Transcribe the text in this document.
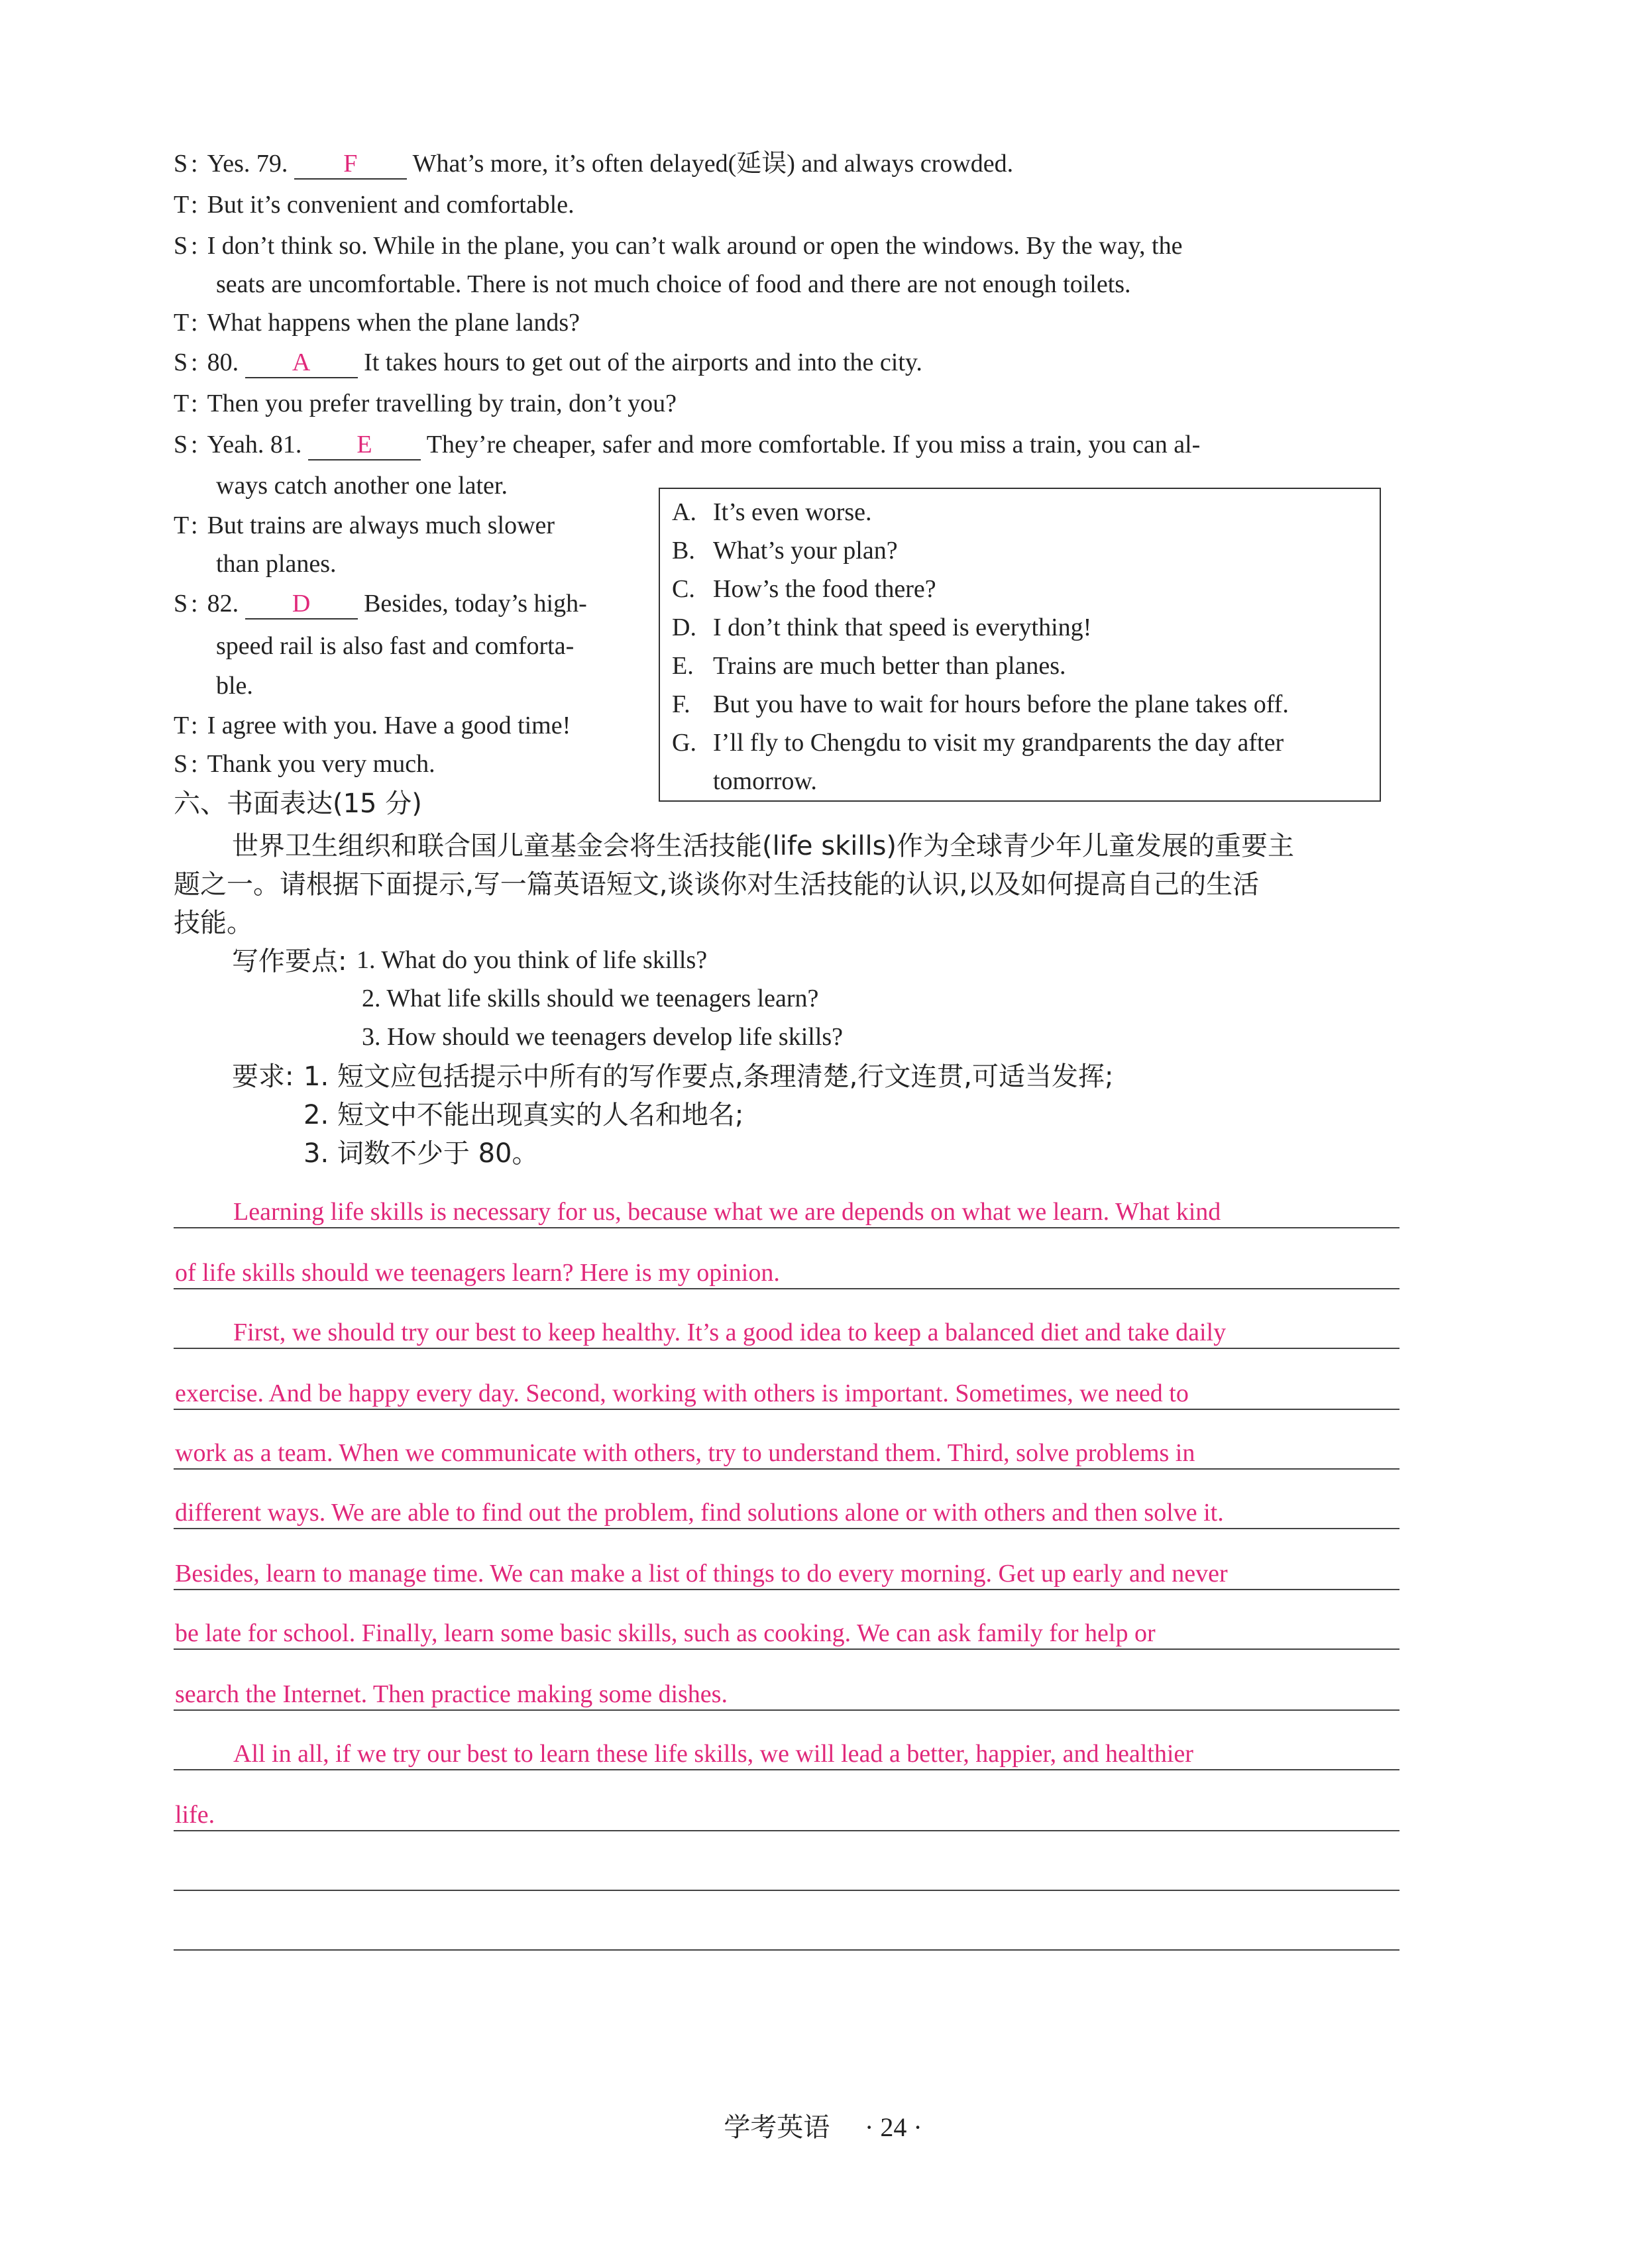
S : Yes. 79. F What’s more, it’s often delayed(延误) and always crowded.
T: But it’s convenient and comfortable.
S : I don’t think so. While in the plane, you can’t walk around or open the windows. By the way, the
seats are uncomfortable. There is not much choice of food and there are not enough toilets.
T: What happens when the plane lands?
S : 80. A It takes hours to get out of the airports and into the city.
T: Then you prefer travelling by train, don’t you?
S : Yeah. 81. E They’re cheaper, safer and more comfortable. If you miss a train, you can al-
ways catch another one later.
T: But trains are always much slower
than planes.
S : 82. D Besides, today’s high-
speed rail is also fast and comforta-
ble.
T: I agree with you. Have a good time!
S : Thank you very much.
A. It’s even worse.
B. What’s your plan?
C. How’s the food there?
D. I don’t think that speed is everything!
E. Trains are much better than planes.
F. But you have to wait for hours before the plane takes off.
G. I’ll fly to Chengdu to visit my grandparents the day after
tomorrow.
六、书面表达(15 分)
世界卫生组织和联合国儿童基金会将生活技能(life skills)作为全球青少年儿童发展的重要主
题之一。请根据下面提示,写一篇英语短文,谈谈你对生活技能的认识,以及如何提高自己的生活
技能。
写作要点: 1. What do you think of life skills?
2. What life skills should we teenagers learn?
3. How should we teenagers develop life skills?
要求: 1. 短文应包括提示中所有的写作要点,条理清楚,行文连贯,可适当发挥;
2. 短文中不能出现真实的人名和地名;
3. 词数不少于 80。
Learning life skills is necessary for us, because what we are depends on what we learn. What kind
of life skills should we teenagers learn? Here is my opinion.
First, we should try our best to keep healthy. It’s a good idea to keep a balanced diet and take daily
exercise. And be happy every day. Second, working with others is important. Sometimes, we need to
work as a team. When we communicate with others, try to understand them. Third, solve problems in
different ways. We are able to find out the problem, find solutions alone or with others and then solve it.
Besides, learn to manage time. We can make a list of things to do every morning. Get up early and never
be late for school. Finally, learn some basic skills, such as cooking. We can ask family for help or
search the Internet. Then practice making some dishes.
All in all, if we try our best to learn these life skills, we will lead a better, happier, and healthier
life.
学考英语 · 24 ·
